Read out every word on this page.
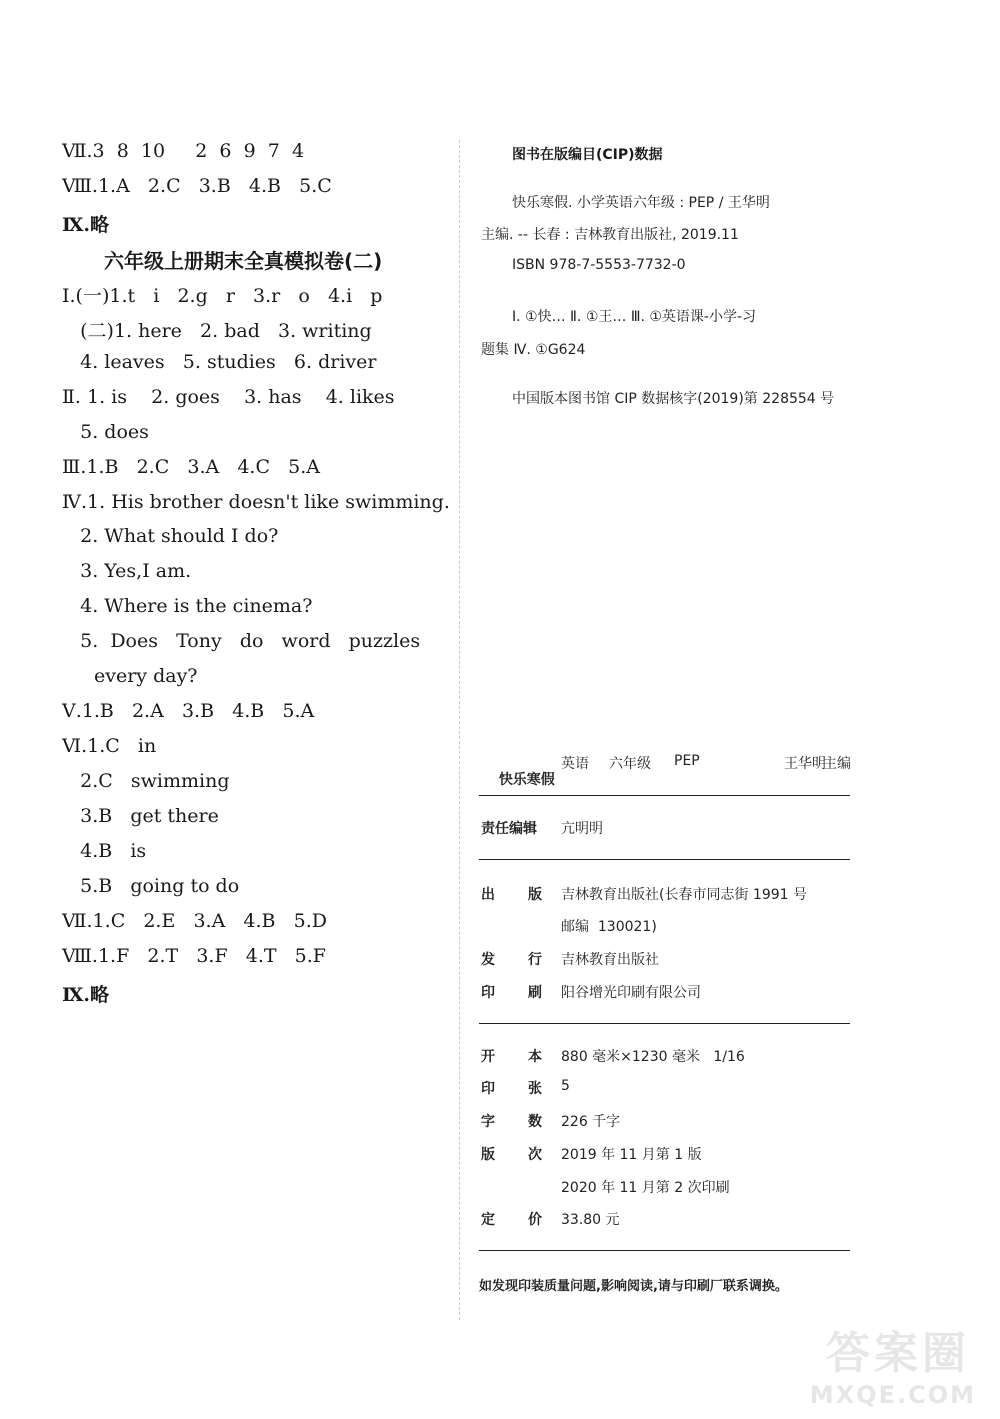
Ⅶ.3  8  10     2  6  9  7  4
Ⅷ.1.A   2.C   3.B   4.B   5.C
Ⅸ.略
六年级上册期末全真模拟卷(二)
Ⅰ.(一)1.t   i   2.g   r   3.r   o   4.i   p
(二)1. here   2. bad   3. writing
4. leaves   5. studies   6. driver
Ⅱ. 1. is    2. goes    3. has    4. likes
5. does
Ⅲ.1.B   2.C   3.A   4.C   5.A
Ⅳ.1. His brother doesn't like swimming.
2. What should I do?
3. Yes,I am.
4. Where is the cinema?
5.  Does   Tony   do   word   puzzles
every day?
Ⅴ.1.B   2.A   3.B   4.B   5.A
Ⅵ.1.C   in
2.C   swimming
3.B   get there
4.B   is
5.B   going to do
Ⅶ.1.C   2.E   3.A   4.B   5.D
Ⅷ.1.F   2.T   3.F   4.T   5.F
Ⅸ.略
图书在版编目(CIP)数据
快乐寒假. 小学英语六年级 : PEP / 王华明
主编. -- 长春 : 吉林教育出版社, 2019.11
ISBN 978-7-5553-7732-0
Ⅰ. ①快… Ⅱ. ①王… Ⅲ. ①英语课-小学-习
题集 Ⅳ. ①G624
中国版本图书馆 CIP 数据核字(2019)第 228554 号

快乐寒假

英语 六年级 PEP	王华明
主编
责任编辑 亢明明
出 版 吉林教育出版社(长春市同志街 1991 号
邮编  130021)
发 行 吉林教育出版社
印 刷 阳谷增光印刷有限公司
开 本 880 毫米×1230 毫米   1/16
印 张 5
字 数 226 千字
版 次 2019 年 11 月第 1 版
2020 年 11 月第 2 次印刷
定 价 33.80 元
如发现印装质量问题,影响阅读,请与印刷厂联系调换。
答案圈
MXQE.COM
